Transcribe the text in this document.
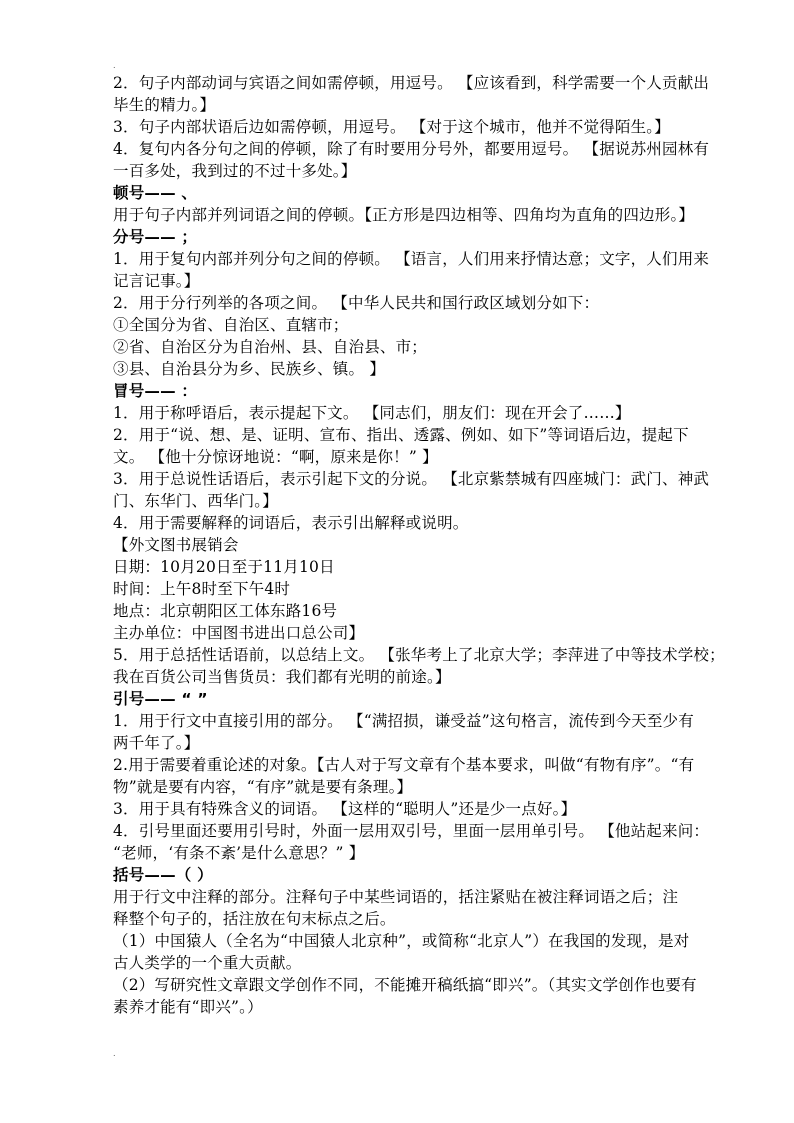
.
2．句子内部动词与宾语之间如需停顿，用逗号。 【应该看到，科学需要一个人贡献出
毕生的精力。】
3．句子内部状语后边如需停顿，用逗号。 【对于这个城市，他并不觉得陌生。】
4．复句内各分句之间的停顿，除了有时要用分号外，都要用逗号。 【据说苏州园林有
一百多处，我到过的不过十多处。】
顿号—— 、
用于句子内部并列词语之间的停顿。【正方形是四边相等、四角均为直角的四边形。】
分号—— ；
1．用于复句内部并列分句之间的停顿。 【语言，人们用来抒情达意；文字，人们用来
记言记事。】
2．用于分行列举的各项之间。 【中华人民共和国行政区域划分如下：
①全国分为省、自治区、直辖市；
②省、自治区分为自治州、县、自治县、市；
③县、自治县分为乡、民族乡、镇。 】
冒号—— ：
1．用于称呼语后，表示提起下文。 【同志们，朋友们：现在开会了……】
2．用于“说、想、是、证明、宣布、指出、透露、例如、如下”等词语后边，提起下
文。 【他十分惊讶地说：“啊，原来是你！” 】
3．用于总说性话语后，表示引起下文的分说。 【北京紫禁城有四座城门：武门、神武
门、东华门、西华门。】
4．用于需要解释的词语后，表示引出解释或说明。
【外文图书展销会
日期：10月20日至于11月10日
时间：上午8时至下午4时
地点：北京朝阳区工体东路16号
主办单位：中国图书进出口总公司】
5．用于总括性话语前，以总结上文。 【张华考上了北京大学；李萍进了中等技术学校；
我在百货公司当售货员：我们都有光明的前途。】
引号—— “ ”
1．用于行文中直接引用的部分。 【“满招损，谦受益”这句格言，流传到今天至少有
两千年了。】
2.用于需要着重论述的对象。【古人对于写文章有个基本要求，叫做“有物有序”。“有
物”就是要有内容，“有序”就是要有条理。】
3．用于具有特殊含义的词语。 【这样的“聪明人”还是少一点好。】
4．引号里面还要用引号时，外面一层用双引号，里面一层用单引号。 【他站起来问：
“老师，‘有条不紊’是什么意思？” 】
括号——（ ）
用于行文中注释的部分。注释句子中某些词语的，括注紧贴在被注释词语之后；注
释整个句子的，括注放在句末标点之后。
（1）中国猿人（全名为“中国猿人北京种”，或简称“北京人”）在我国的发现，是对
古人类学的一个重大贡献。
（2）写研究性文章跟文学创作不同，不能摊开稿纸搞“即兴”。（其实文学创作也要有
素养才能有“即兴”。）
.
